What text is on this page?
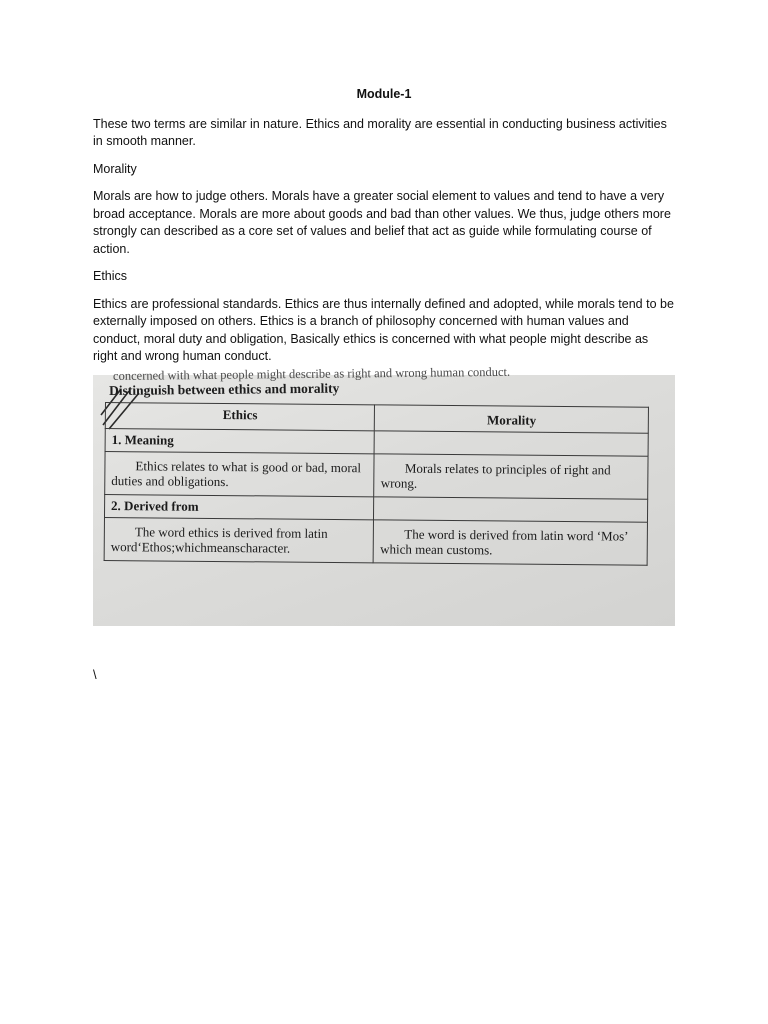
Module-1

These two terms are similar in nature. Ethics and morality are essential in conducting business activities in smooth manner.

Morality

Morals are how to judge others. Morals have a greater social element to values and tend to have a very broad acceptance. Morals are more about goods and bad than other values. We thus, judge others more strongly can described as a core set of values and belief that act as guide while formulating course of action.

Ethics

Ethics are professional standards. Ethics are thus internally defined and adopted, while morals tend to be externally imposed on others. Ethics is a branch of philosophy concerned with human values and conduct, moral duty and obligation, Basically ethics is concerned with what people might describe as right and wrong human conduct.

concerned with what people might describe as right and wrong human conduct.
Distinguish between ethics and morality
Ethics	Morality
1. Meaning	
Ethics relates to what is good or bad, moral duties and obligations.	Morals relates to principles of right and wrong.
2. Derived from	
The word ethics is derived from latin word‘Ethos;whichmeanscharacter.	The word is derived from latin word ‘Mos’ which mean customs.
\
